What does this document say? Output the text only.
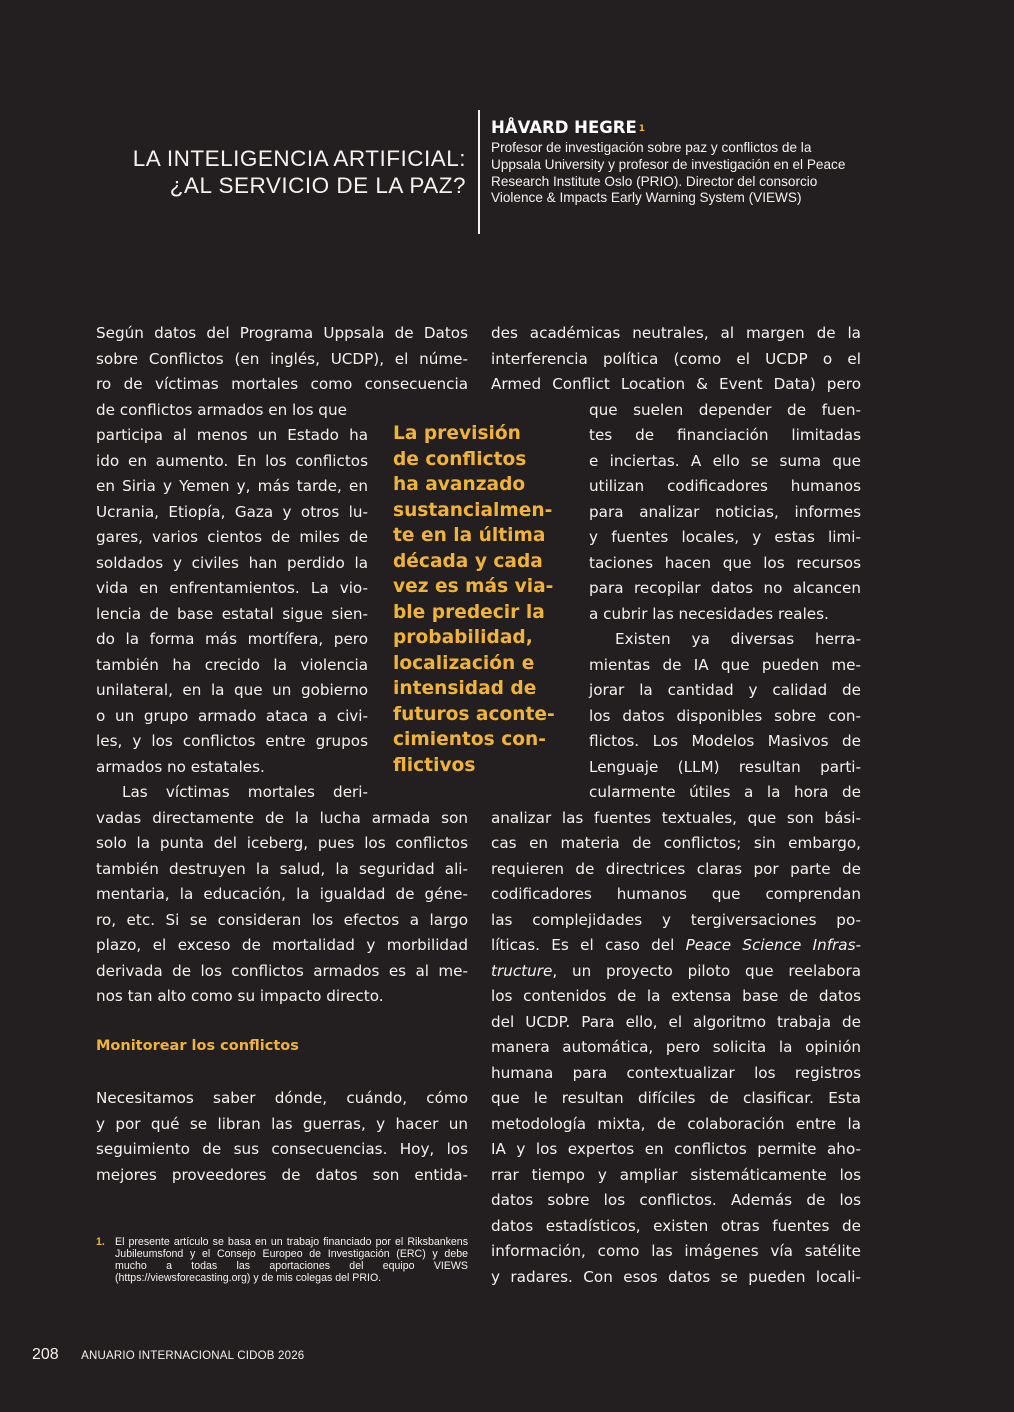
LA INTELIGENCIA ARTIFICIAL:
¿AL SERVICIO DE LA PAZ?

HÅVARD HEGRE $^1$

Profesor de investigación sobre paz y conflictos de la Uppsala University y profesor de investigación en el Peace Research Institute Oslo (PRIO). Director del consorcio Violence & Impacts Early Warning System (VIEWS)

Según datos del Programa Uppsala de Datos
sobre Conflictos (en inglés, UCDP), el núme-
ro de víctimas mortales como consecuencia
de conflictos armados en los que
participa al menos un Estado ha
ido en aumento. En los conflictos
en Siria y Yemen y, más tarde, en
Ucrania, Etiopía, Gaza y otros lu-
gares, varios cientos de miles de
soldados y civiles han perdido la
vida en enfrentamientos. La vio-
lencia de base estatal sigue sien-
do la forma más mortífera, pero
también ha crecido la violencia
unilateral, en la que un gobierno
o un grupo armado ataca a civi-
les, y los conflictos entre grupos
armados no estatales.
Las víctimas mortales deri-
vadas directamente de la lucha armada son
solo la punta del iceberg, pues los conflictos
también destruyen la salud, la seguridad ali-
mentaria, la educación, la igualdad de géne-
ro, etc. Si se consideran los efectos a largo
plazo, el exceso de mortalidad y morbilidad
derivada de los conflictos armados es al me-
nos tan alto como su impacto directo.
Monitorear los conflictos
Necesitamos saber dónde, cuándo, cómo
y por qué se libran las guerras, y hacer un
seguimiento de sus consecuencias. Hoy, los
mejores proveedores de datos son entida-
La previsión
de conflictos
ha avanzado
sustancialmen-
te en la última
década y cada
vez es más via-
ble predecir la
probabilidad,
localización e
intensidad de
futuros aconte-
cimientos con-
flictivos
des académicas neutrales, al margen de la
interferencia política (como el UCDP o el
Armed Conflict Location & Event Data) pero
que suelen depender de fuen-
tes de financiación limitadas
e inciertas. A ello se suma que
utilizan codificadores humanos
para analizar noticias, informes
y fuentes locales, y estas limi-
taciones hacen que los recursos
para recopilar datos no alcancen
a cubrir las necesidades reales.
Existen ya diversas herra-
mientas de IA que pueden me-
jorar la cantidad y calidad de
los datos disponibles sobre con-
flictos. Los Modelos Masivos de
Lenguaje (LLM) resultan parti-
cularmente útiles a la hora de
analizar las fuentes textuales, que son bási-
cas en materia de conflictos; sin embargo,
requieren de directrices claras por parte de
codificadores humanos que comprendan
las complejidades y tergiversaciones po-
líticas. Es el caso del Peace Science Infras-
tructure, un proyecto piloto que reelabora
los contenidos de la extensa base de datos
del UCDP. Para ello, el algoritmo trabaja de
manera automática, pero solicita la opinión
humana para contextualizar los registros
que le resultan difíciles de clasificar. Esta
metodología mixta, de colaboración entre la
IA y los expertos en conflictos permite aho-
rrar tiempo y ampliar sistemáticamente los
datos sobre los conflictos. Además de los
datos estadísticos, existen otras fuentes de
información, como las imágenes vía satélite
y radares. Con esos datos se pueden locali-
1. El presente artículo se basa en un trabajo financiado por el Riksbankens Jubileumsfond y el Consejo Europeo de Investigación (ERC) y debe mucho a todas las aportaciones del equipo VIEWS (https://viewsforecasting.org) y de mis colegas del PRIO.
208 ANUARIO INTERNACIONAL CIDOB 2026
